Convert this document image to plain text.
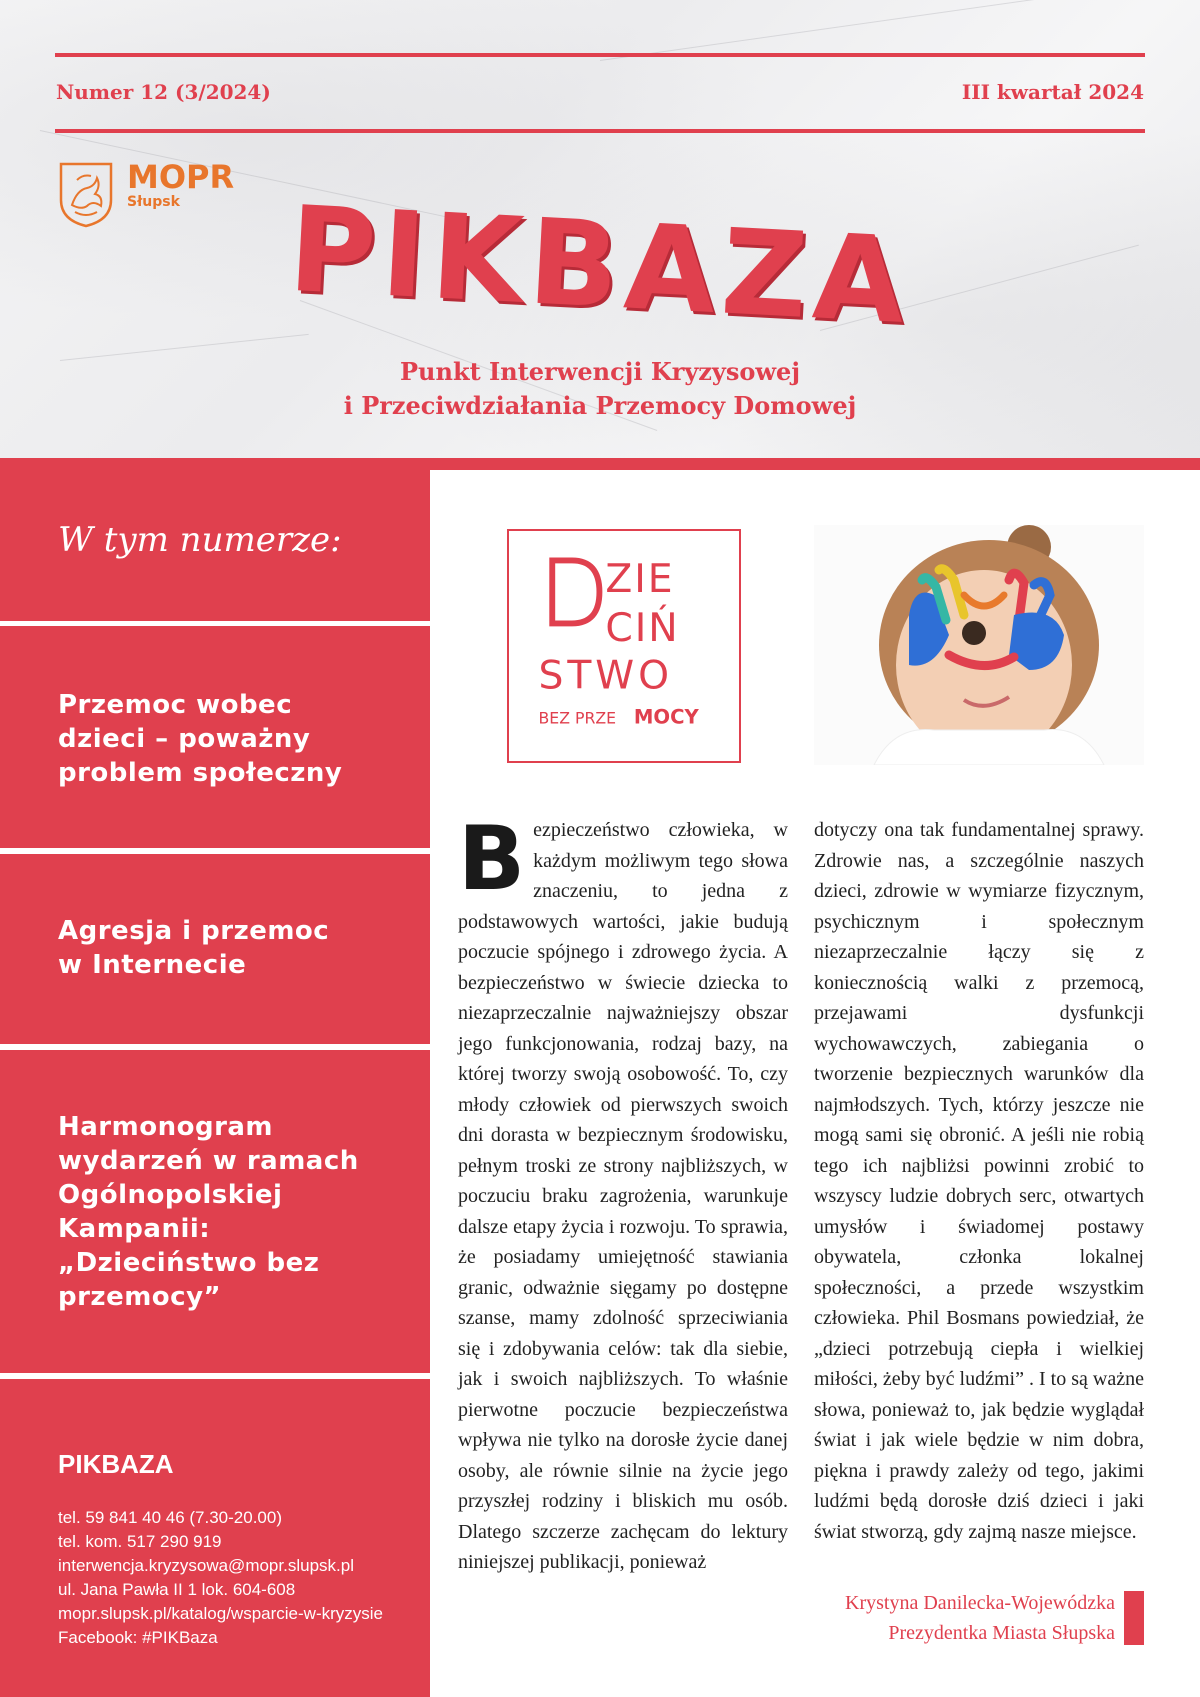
Numer 12 (3/2024)	III kwartał 2024
MOPR
Słupsk PIKBAZA
Punkt Interwencji Kryzysowej
i Przeciwdziałania Przemocy Domowej
W tym numerze:
Przemoc wobec
dzieci – poważny
problem społeczny
Agresja i przemoc
w Internecie
Harmonogram
wydarzeń w ramach
Ogólnopolskiej
Kampanii:
„Dzieciństwo bez
przemocy”
PIKBAZA
tel. 59 841 40 46 (7.30-20.00)
tel. kom. 517 290 919
interwencja.kryzysowa@mopr.slupsk.pl
ul. Jana Pawła II 1 lok. 604-608
mopr.slupsk.pl/katalog/wsparcie-w-kryzysie
Facebook: #PIKBaza
ZIE
CIŃ
STWO
BEZ PRZE MOCY
B ezpieczeństwo człowieka, w każdym możliwym tego słowa znaczeniu, to jedna z podstawowych wartości, jakie budują poczucie spójnego i zdrowego życia. A bezpieczeństwo w świecie dziecka to niezaprzeczalnie najważniejszy obszar jego funkcjonowania, rodzaj bazy, na której tworzy swoją osobowość. To, czy młody człowiek od pierwszych swoich dni dorasta w bezpiecznym środowisku, pełnym troski ze strony najbliższych, w poczuciu braku zagrożenia, warunkuje dalsze etapy życia i rozwoju. To sprawia, że posiadamy umiejętność stawiania granic, odważnie sięgamy po dostępne szanse, mamy zdolność sprzeciwiania się i zdobywania celów: tak dla siebie, jak i swoich najbliższych. To właśnie pierwotne poczucie bezpieczeństwa wpływa nie tylko na dorosłe życie danej osoby, ale równie silnie na życie jego przyszłej rodziny i bliskich mu osób. Dlatego szczerze zachęcam do lektury niniejszej publikacji, ponieważ
dotyczy ona tak fundamentalnej sprawy. Zdrowie nas, a szczególnie naszych dzieci, zdrowie w wymiarze fizycznym, psychicznym i społecznym niezaprzeczalnie łączy się z koniecznością walki z przemocą, przejawami dysfunkcji wychowawczych, zabiegania o tworzenie bezpiecznych warunków dla najmłodszych. Tych, którzy jeszcze nie mogą sami się obronić. A jeśli nie robią tego ich najbliżsi powinni zrobić to wszyscy ludzie dobrych serc, otwartych umysłów i świadomej postawy obywatela, członka lokalnej społeczności, a przede wszystkim człowieka. Phil Bosmans powiedział, że „dzieci potrzebują ciepła i wielkiej miłości, żeby być ludźmi” . I to są ważne słowa, ponieważ to, jak będzie wyglądał świat i jak wiele będzie w nim dobra, piękna i prawdy zależy od tego, jakimi ludźmi będą dorosłe dziś dzieci i jaki świat stworzą, gdy zajmą nasze miejsce.
Krystyna Danilecka-Wojewódzka
Prezydentka Miasta Słupska
